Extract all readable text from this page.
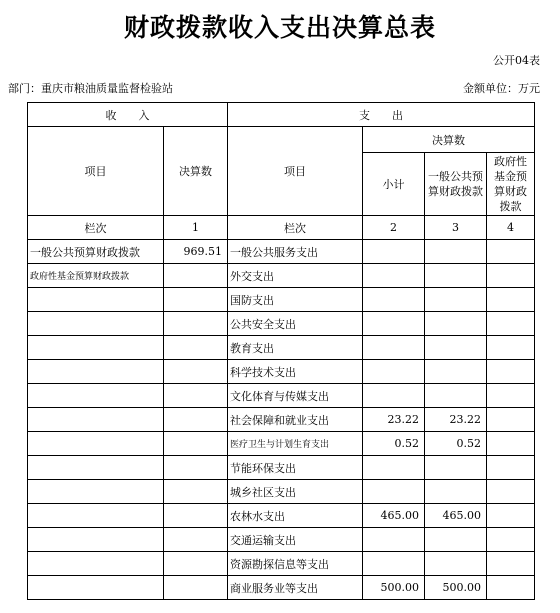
财政拨款收入支出决算总表
公开04表
部门：重庆市粮油质量监督检验站	金额单位：万元
收　　入		支　　出			
项目	决算数	项目	决算数		
			小计	一般公共预算财政拨款	政府性基金预算财政拨款
栏次	1	栏次	2	3	4
一般公共预算财政拨款	969.51	一般公共服务支出			
政府性基金预算财政拨款		外交支出			
		国防支出			
		公共安全支出			
		教育支出			
		科学技术支出			
		文化体育与传媒支出			
		社会保障和就业支出	23.22	23.22	
		医疗卫生与计划生育支出	0.52	0.52	
		节能环保支出			
		城乡社区支出			
		农林水支出	465.00	465.00	
		交通运输支出			
		资源勘探信息等支出			
		商业服务业等支出	500.00	500.00	
